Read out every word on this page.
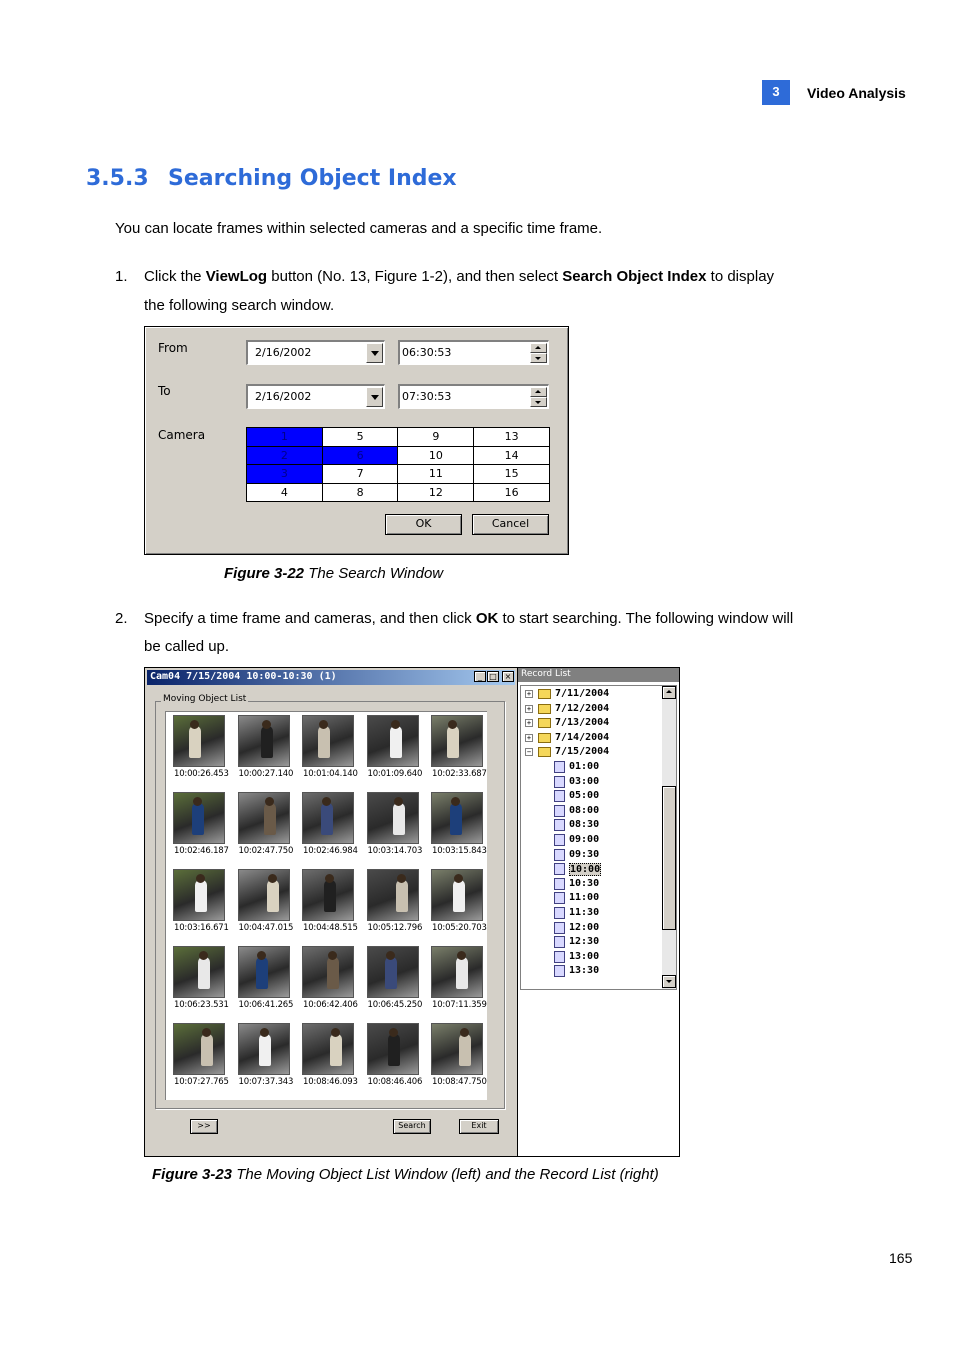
3	Video Analysis
3.5.3 Searching Object Index
You can locate frames within selected cameras and a specific time frame.
1. Click the ViewLog button (No. 13, Figure 1-2), and then select Search Object Index to display
the following search window.
From	2/16/2002	06:30:53
To	2/16/2002	07:30:53
Camera	1	5	9	13
2	6	10	14
3	7	11	15
4	8	12	16
OK	Cancel
Figure 3-22 The Search Window
2. Specify a time frame and cameras, and then click OK to start searching. The following window will
be called up.
Cam04 7/15/2004 10:00-10:30 (1)	_ □ ×
Moving Object List
10:00:26.453 10:00:27.140 10:01:04.140 10:01:09.640 10:02:33.687
10:02:46.187 10:02:47.750 10:02:46.984 10:03:14.703 10:03:15.843
10:03:16.671 10:04:47.015 10:04:48.515 10:05:12.796 10:05:20.703
10:06:23.531 10:06:41.265 10:06:42.406 10:06:45.250 10:07:11.359
10:07:27.765 10:07:37.343 10:08:46.093 10:08:46.406 10:08:47.750
>>	Search	Exit
Record List
+ 7/11/2004
+ 7/12/2004
+ 7/13/2004
+ 7/14/2004
− 7/15/2004
01:00
03:00
05:00
08:00
08:30
09:00
09:30
10:00
10:30
11:00
11:30
12:00
12:30
13:00
13:30
Figure 3-23 The Moving Object List Window (left) and the Record List (right)
165
